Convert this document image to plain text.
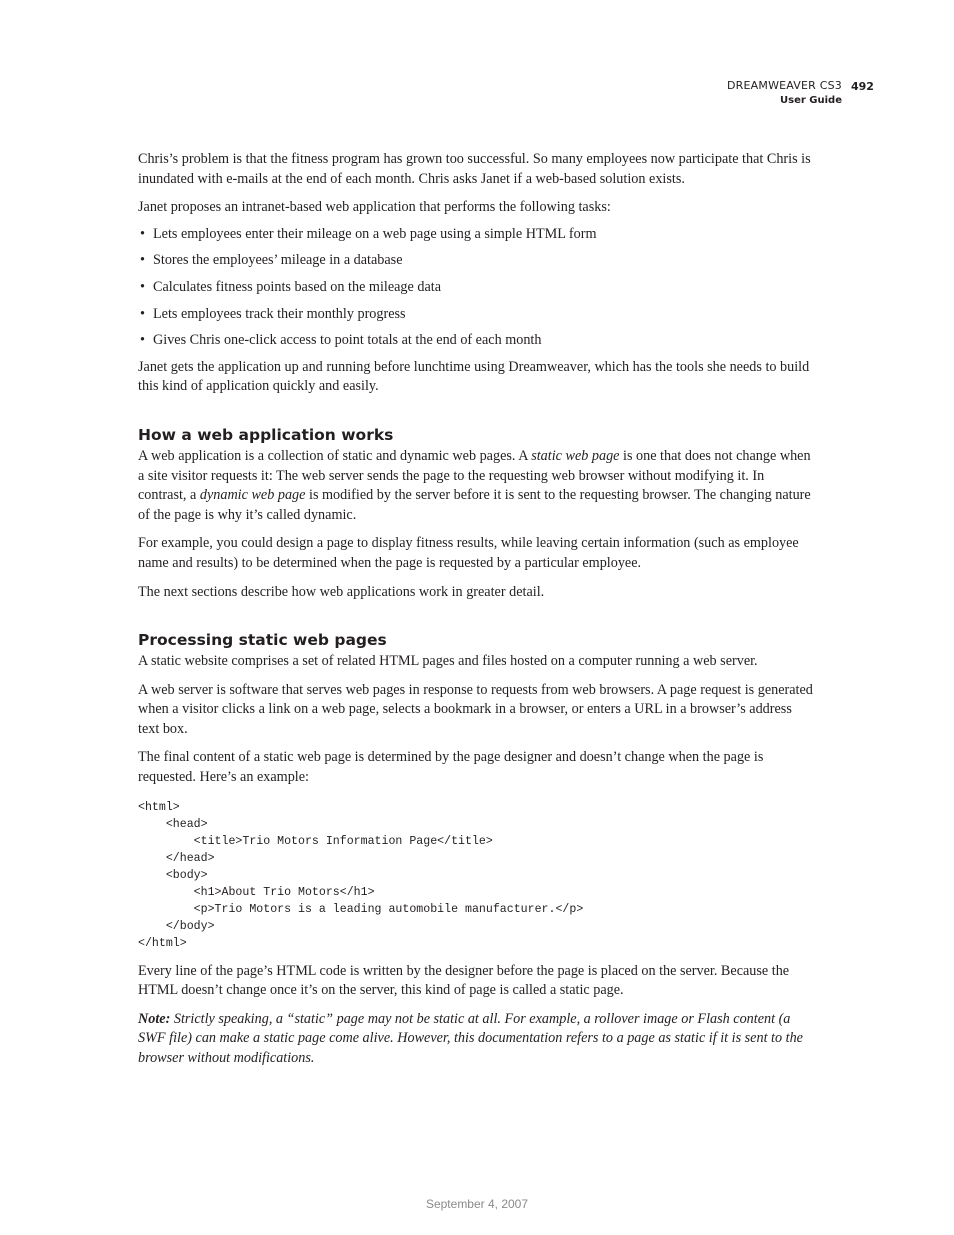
DREAMWEAVER CS3
User Guide
492

Chris’s problem is that the fitness program has grown too successful. So many employees now participate that Chris is inundated with e-mails at the end of each month. Chris asks Janet if a web-based solution exists.

Janet proposes an intranet-based web application that performs the following tasks:

• Lets employees enter their mileage on a web page using a simple HTML form
• Stores the employees’ mileage in a database
• Calculates fitness points based on the mileage data
• Lets employees track their monthly progress
• Gives Chris one-click access to point totals at the end of each month

Janet gets the application up and running before lunchtime using Dreamweaver, which has the tools she needs to build this kind of application quickly and easily.

How a web application works

A web application is a collection of static and dynamic web pages. A static web page is one that does not change when a site visitor requests it: The web server sends the page to the requesting web browser without modifying it. In contrast, a dynamic web page is modified by the server before it is sent to the requesting browser. The changing nature of the page is why it’s called dynamic.

For example, you could design a page to display fitness results, while leaving certain information (such as employee name and results) to be determined when the page is requested by a particular employee.

The next sections describe how web applications work in greater detail.

Processing static web pages

A static website comprises a set of related HTML pages and files hosted on a computer running a web server.

A web server is software that serves web pages in response to requests from web browsers. A page request is generated when a visitor clicks a link on a web page, selects a bookmark in a browser, or enters a URL in a browser’s address text box.

The final content of a static web page is determined by the page designer and doesn’t change when the page is requested. Here’s an example:

<html>
<head>
<title>Trio Motors Information Page</title>
</head>
<body>
<h1>About Trio Motors</h1>
<p>Trio Motors is a leading automobile manufacturer.</p>
</body>
</html>

Every line of the page’s HTML code is written by the designer before the page is placed on the server. Because the HTML doesn’t change once it’s on the server, this kind of page is called a static page.

Note: Strictly speaking, a “static” page may not be static at all. For example, a rollover image or Flash content (a SWF file) can make a static page come alive. However, this documentation refers to a page as static if it is sent to the browser without modifications.

September 4, 2007
